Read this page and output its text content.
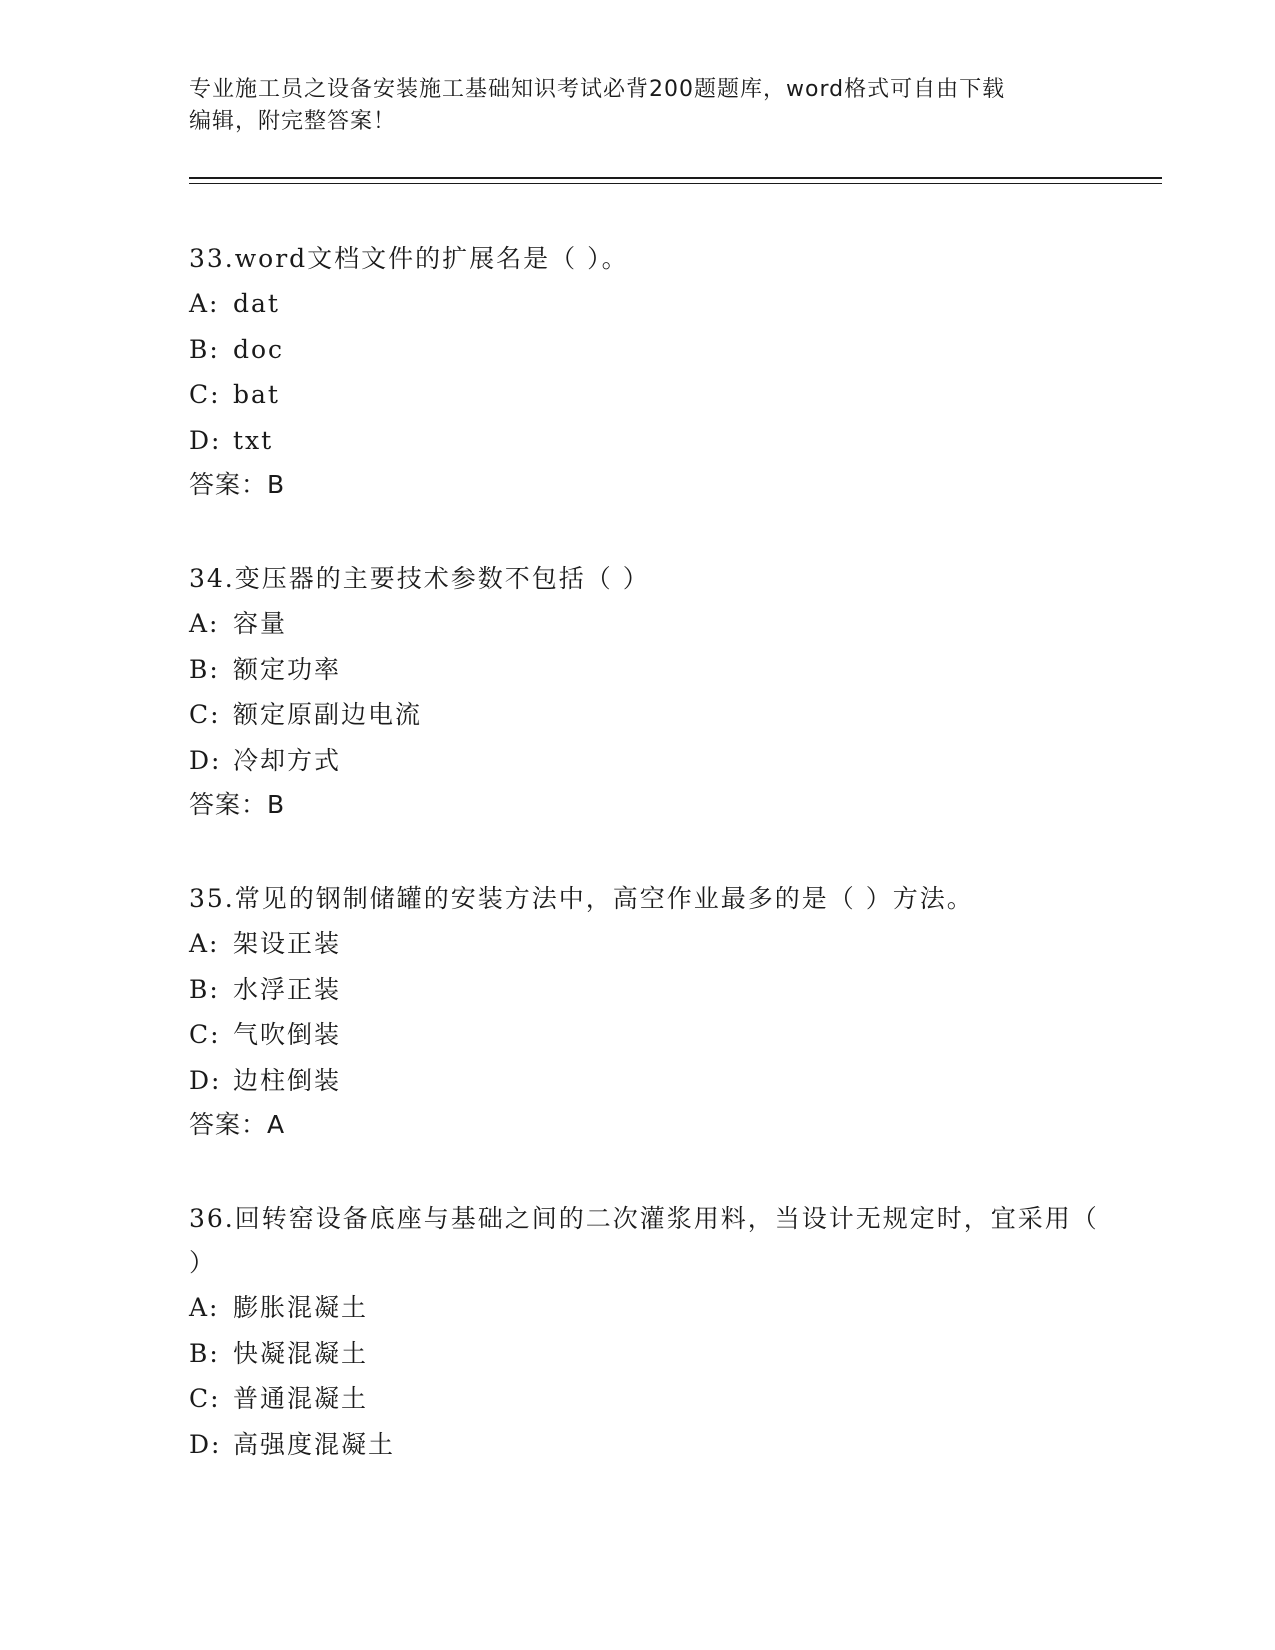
专业施工员之设备安装施工基础知识考试必背200题题库，word格式可自由下载
编辑，附完整答案！
33.word文档文件的扩展名是（ ）。
A: dat
B: doc
C: bat
D: txt
答案：B
34.变压器的主要技术参数不包括（ ）
A: 容量
B: 额定功率
C: 额定原副边电流
D: 冷却方式
答案：B
35.常见的钢制储罐的安装方法中，高空作业最多的是（ ）方法。
A: 架设正装
B: 水浮正装
C: 气吹倒装
D: 边柱倒装
答案：A
36.回转窑设备底座与基础之间的二次灌浆用料，当设计无规定时，宜采用（ ）
A: 膨胀混凝土
B: 快凝混凝土
C: 普通混凝土
D: 高强度混凝土
